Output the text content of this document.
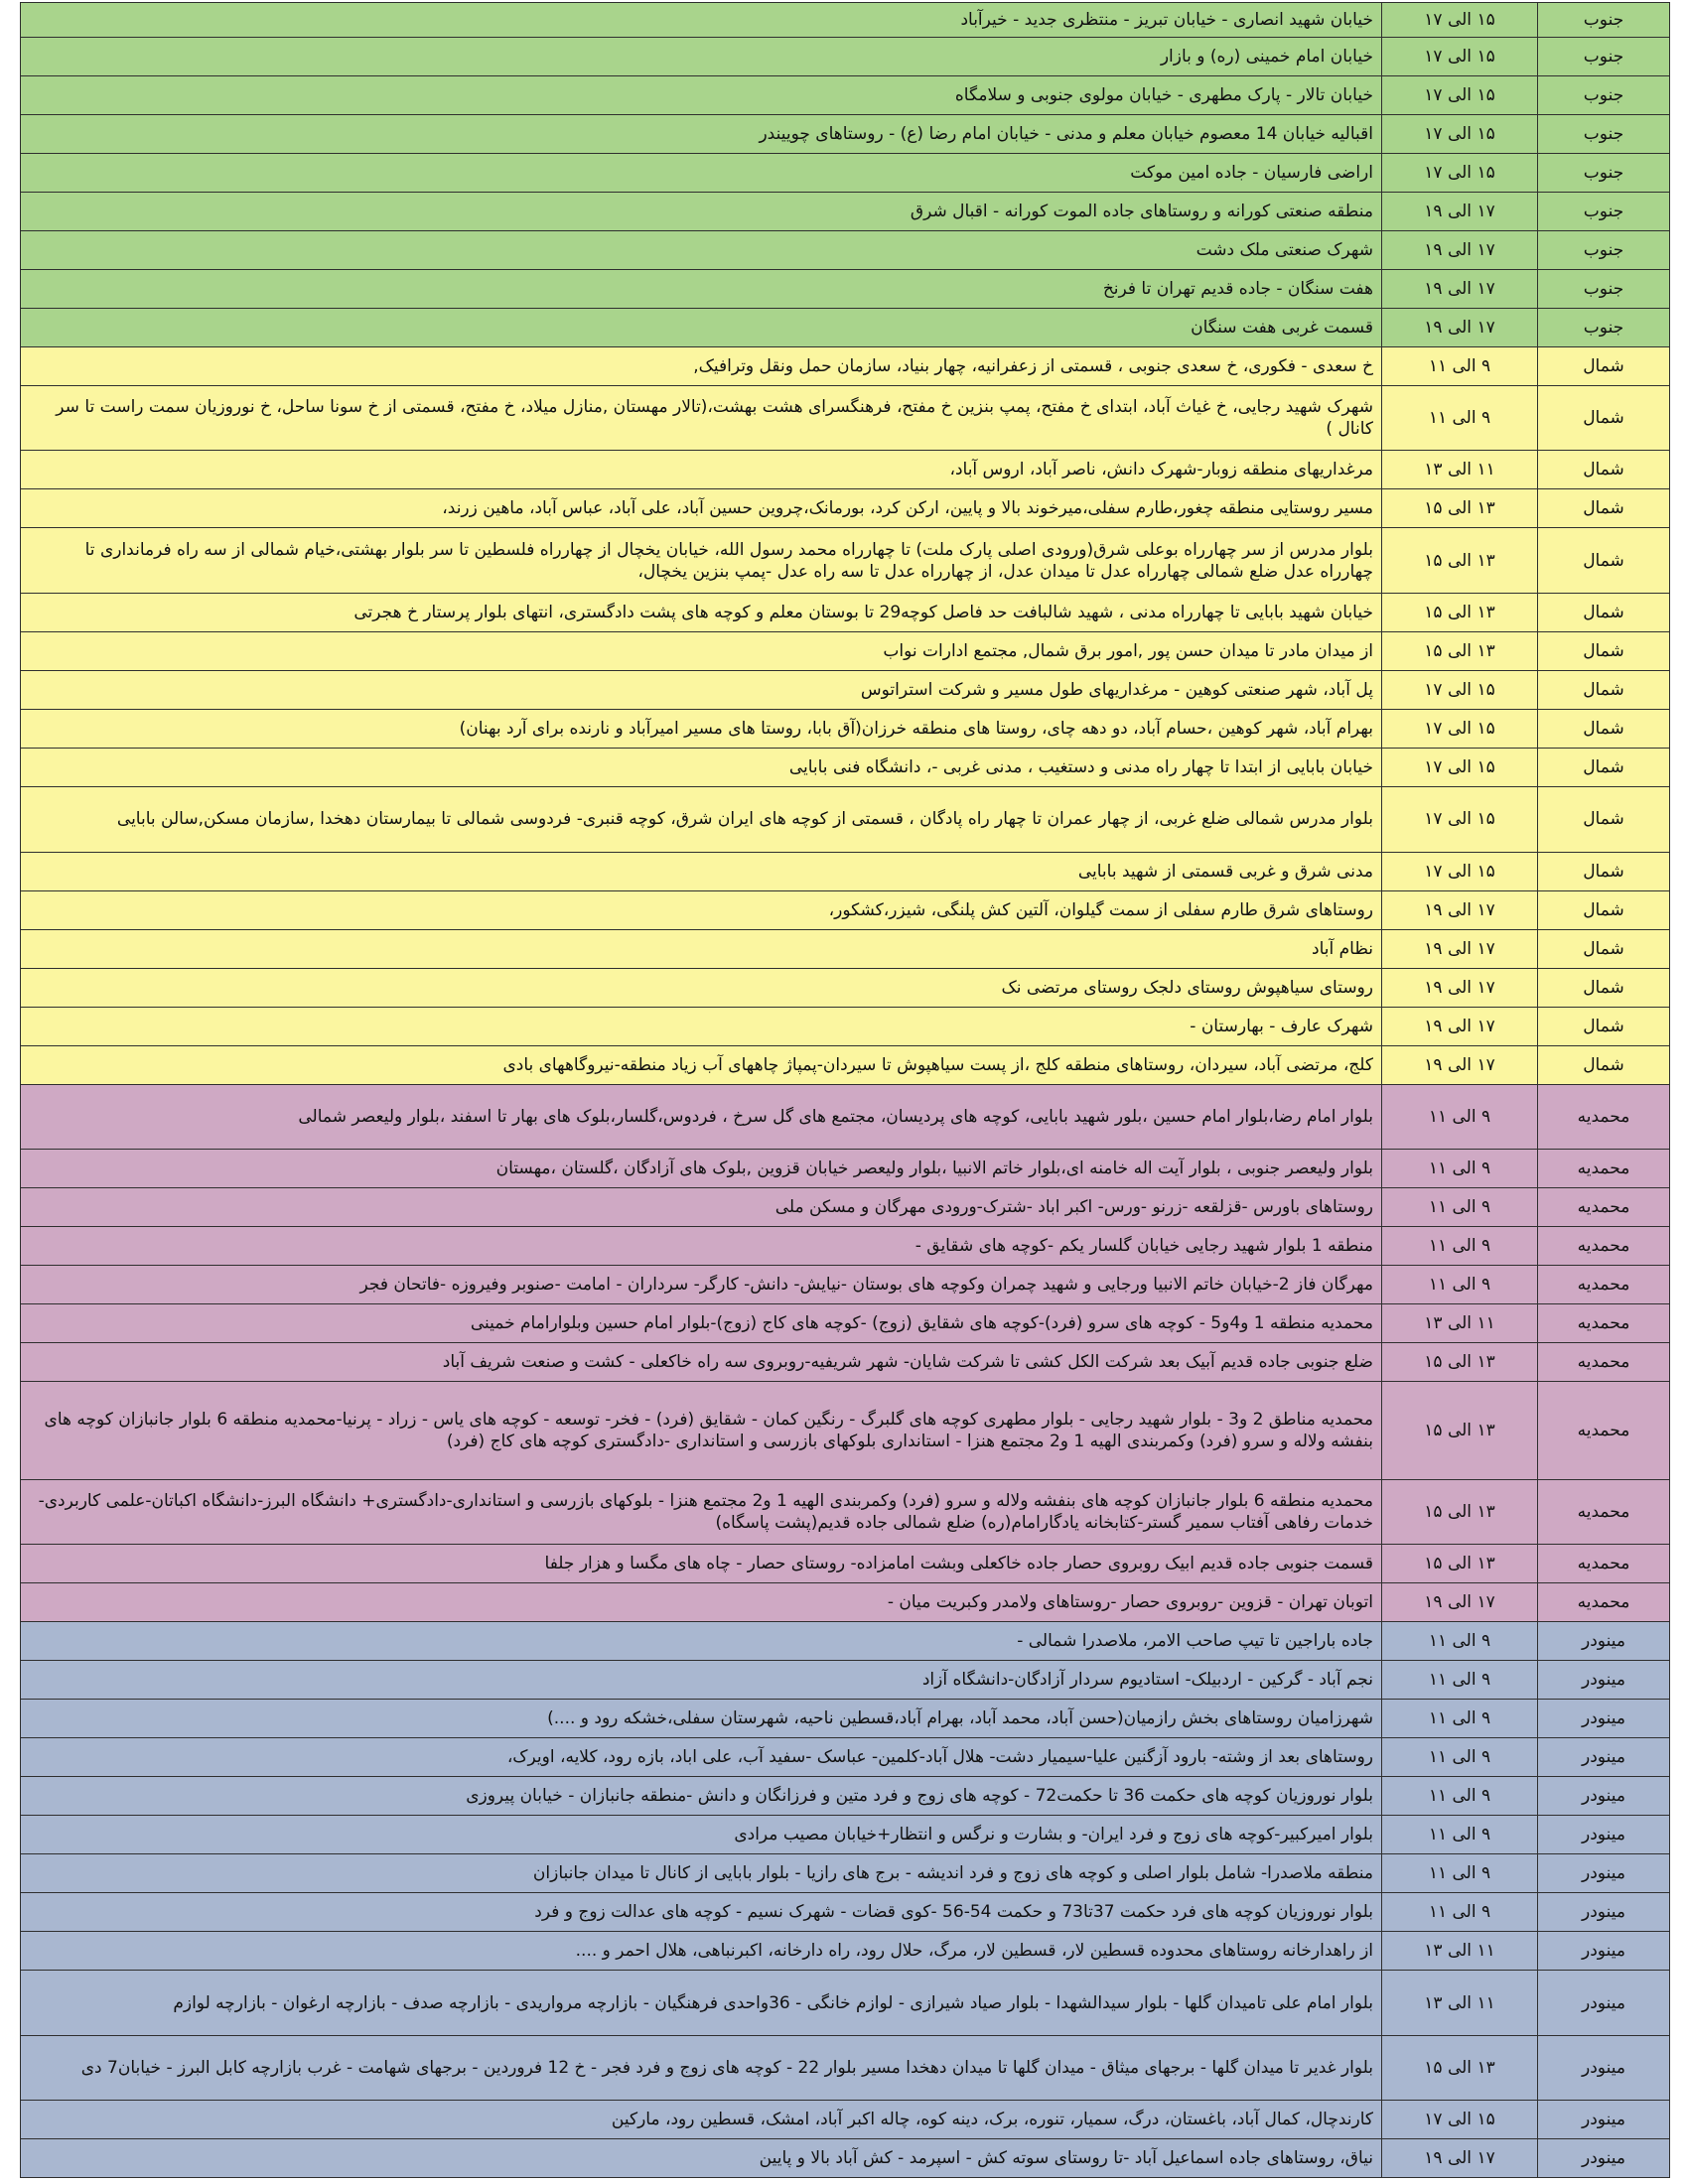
جنوب	۱۵ الی ۱۷	خیابان شهید انصاری - خیابان تبریز - منتظری جدید - خیرآباد
جنوب	۱۵ الی ۱۷	خیابان امام خمینی (ره) و بازار
جنوب	۱۵ الی ۱۷	خیابان تالار - پارک مطهری - خیابان مولوی جنوبی و سلامگاه
جنوب	۱۵ الی ۱۷	اقبالیه خیابان 14 معصوم خیابان معلم و مدنی - خیابان امام رضا (ع) - روستاهای چوییندر
جنوب	۱۵ الی ۱۷	اراضی فارسیان - جاده امین موکت
جنوب	۱۷ الی ۱۹	منطقه صنعتی کورانه و روستاهای جاده الموت کورانه - اقبال شرق
جنوب	۱۷ الی ۱۹	شهرک صنعتی ملک دشت
جنوب	۱۷ الی ۱۹	هفت سنگان - جاده قدیم تهران تا فرنخ
جنوب	۱۷ الی ۱۹	قسمت غربی هفت سنگان
شمال	۹ الی ۱۱	خ سعدی - فکوری، خ سعدی جنوبی ، قسمتی از زعفرانیه، چهار بنیاد، سازمان حمل ونقل وترافیک,
شمال	۹ الی ۱۱	شهرک شهید رجایی، خ غیاث آباد، ابتدای خ مفتح، پمپ بنزین خ مفتح، فرهنگسرای هشت بهشت،(تالار مهستان ,منازل میلاد، خ مفتح، قسمتی از خ سونا ساحل، خ نوروزیان سمت راست تا سر کانال )
شمال	۱۱ الی ۱۳	مرغداریهای منطقه زوبار-شهرک دانش، ناصر آباد، اروس آباد،
شمال	۱۳ الی ۱۵	مسیر روستایی منطقه چغور،طارم سفلی،میرخوند بالا و پایین، ارکن کرد، بورمانک،چروین حسین آباد، علی آباد، عباس آباد، ماهین زرند،
شمال	۱۳ الی ۱۵	بلوار مدرس از سر چهارراه بوعلی شرق(ورودی اصلی پارک ملت) تا چهارراه محمد رسول الله، خیابان یخچال از چهارراه فلسطین تا سر بلوار بهشتی،خیام شمالی از سه راه فرمانداری تا چهارراه عدل ضلع شمالی چهارراه عدل تا میدان عدل، از چهارراه عدل تا سه راه عدل -پمپ بنزین یخچال،
شمال	۱۳ الی ۱۵	خیابان شهید بابایی تا چهارراه مدنی ، شهید شالبافت حد فاصل کوچه29 تا بوستان معلم و کوچه های پشت دادگستری، انتهای بلوار پرستار خ هجرتی
شمال	۱۳ الی ۱۵	از میدان مادر تا میدان حسن پور ,امور برق شمال, مجتمع ادارات نواب
شمال	۱۵ الی ۱۷	پل آباد، شهر صنعتی کوهین - مرغداریهای طول مسیر و شرکت استراتوس
شمال	۱۵ الی ۱۷	بهرام آباد، شهر کوهین ،حسام آباد، دو دهه چای، روستا های منطقه خرزان(آق بابا، روستا های مسیر امیرآباد و نارنده برای آرد بهنان)
شمال	۱۵ الی ۱۷	خیابان بابایی از ابتدا تا چهار راه مدنی و دستغیب ، مدنی غربی -، دانشگاه فنی بابایی
شمال	۱۵ الی ۱۷	بلوار مدرس شمالی ضلع غربی، از چهار عمران تا چهار راه پادگان ، قسمتی از کوچه های ایران شرق، کوچه قنبری- فردوسی شمالی تا بیمارستان دهخدا ,سازمان مسکن,سالن بابایی
شمال	۱۵ الی ۱۷	مدنی شرق و غربی قسمتی از شهید بابایی
شمال	۱۷ الی ۱۹	روستاهای شرق طارم سفلی از سمت گیلوان، آلتین کش پلنگی، شیزر،کشکور،
شمال	۱۷ الی ۱۹	نظام آباد
شمال	۱۷ الی ۱۹	روستای سیاهپوش روستای دلجک روستای مرتضی نک
شمال	۱۷ الی ۱۹	شهرک عارف - بهارستان -
شمال	۱۷ الی ۱۹	کلج، مرتضی آباد، سیردان، روستاهای منطقه کلج ،از پست سیاهپوش تا سیردان-پمپاژ چاههای آب زیاد منطقه-نیروگاههای بادی
محمدیه	۹ الی ۱۱	بلوار امام رضا،بلوار امام حسین ،بلور شهید بابایی، کوچه های پردیسان، مجتمع های گل سرخ ، فردوس،گلسار،بلوک های بهار تا اسفند ،بلوار ولیعصر شمالی
محمدیه	۹ الی ۱۱	بلوار ولیعصر جنوبی ، بلوار آیت اله خامنه ای،بلوار خاتم الانبیا ،بلوار ولیعصر خیابان قزوین ,بلوک های آزادگان ،گلستان ،مهستان
محمدیه	۹ الی ۱۱	روستاهای باورس -قزلقعه -زرنو -ورس- اکبر اباد -شترک-ورودی مهرگان و مسکن ملی
محمدیه	۹ الی ۱۱	منطقه 1 بلوار شهید رجایی خیابان گلسار یکم -کوچه های شقایق -
محمدیه	۹ الی ۱۱	مهرگان فاز 2-خیابان خاتم الانبیا ورجایی و شهید چمران وکوچه های بوستان -نیایش- دانش- کارگر- سرداران - امامت -صنوبر وفیروزه -فاتحان فجر
محمدیه	۱۱ الی ۱۳	محمدیه منطقه 1 و4و5 - کوچه های سرو (فرد)-کوچه های شقایق (زوج) -کوچه های کاج (زوج)-بلوار امام حسین وبلوارامام خمینی
محمدیه	۱۳ الی ۱۵	ضلع جنوبی جاده قدیم آبیک بعد شرکت الکل کشی تا شرکت شایان- شهر شریفیه-روبروی سه راه خاکعلی - کشت و صنعت شریف آباد
محمدیه	۱۳ الی ۱۵	محمدیه مناطق 2 و3 - بلوار شهید رجایی - بلوار مطهری کوچه های گلبرگ - رنگین کمان - شقایق (فرد) - فخر- توسعه - کوچه های یاس - زراد - پرنیا-محمدیه منطقه 6 بلوار جانبازان کوچه های بنفشه ولاله و سرو (فرد) وکمربندی الهیه 1 و2 مجتمع هنزا - استانداری بلوکهای بازرسی و استانداری -دادگستری کوچه های کاج (فرد)
محمدیه	۱۳ الی ۱۵	محمدیه منطقه 6 بلوار جانبازان کوچه های بنفشه ولاله و سرو (فرد) وکمربندی الهیه 1 و2 مجتمع هنزا - بلوکهای بازرسی و استانداری-دادگستری+ دانشگاه البرز-دانشگاه اکباتان-علمی کاربردی-خدمات رفاهی آفتاب سمیر گستر-کتابخانه یادگارامام(ره) ضلع شمالی جاده قدیم(پشت پاسگاه)
محمدیه	۱۳ الی ۱۵	قسمت جنوبی جاده قدیم ابیک روبروی حصار جاده خاکعلی وبشت امامزاده- روستای حصار - چاه های مگسا و هزار جلفا
محمدیه	۱۷ الی ۱۹	اتوبان تهران - قزوین -روبروی حصار -روستاهای ولامدر وکبریت میان -
مینودر	۹ الی ۱۱	جاده باراجین تا تیپ صاحب الامر، ملاصدرا شمالی -
مینودر	۹ الی ۱۱	نجم آباد - گرکین - اردبیلک- استادیوم سردار آزادگان-دانشگاه آزاد
مینودر	۹ الی ۱۱	شهرزامیان روستاهای بخش رازمیان(حسن آباد، محمد آباد، بهرام آباد،قسطین ناحیه، شهرستان سفلی،خشکه رود و ....)
مینودر	۹ الی ۱۱	روستاهای بعد از وشته- بارود آزگنین علیا-سیمیار دشت- هلال آباد-کلمین- عباسک -سفید آب، علی اباد، بازه رود، کلایه، اویرک،
مینودر	۹ الی ۱۱	بلوار نوروزیان کوچه های حکمت 36 تا حکمت72 - کوچه های زوج و فرد متین و فرزانگان و دانش -منطقه جانبازان - خیابان پیروزی
مینودر	۹ الی ۱۱	بلوار امیرکبیر-کوچه های زوج و فرد ایران- و بشارت و نرگس و انتظار+خیابان مصیب مرادی
مینودر	۹ الی ۱۱	منطقه ملاصدرا- شامل بلوار اصلی و کوچه های زوج و فرد اندیشه - برج های رازیا - بلوار بابایی از کانال تا میدان جانبازان
مینودر	۹ الی ۱۱	بلوار نوروزیان کوچه های فرد حکمت 37تا73 و حکمت 54-56 -کوی قضات - شهرک نسیم - کوچه های عدالت زوج و فرد
مینودر	۱۱ الی ۱۳	از راهدارخانه روستاهای محدوده قسطین لار، قسطین لار، مرگ، حلال رود، راه دارخانه، اکبرنباهی، هلال احمر و ....
مینودر	۱۱ الی ۱۳	بلوار امام علی تامیدان گلها - بلوار سیدالشهدا - بلوار صیاد شیرازی - لوازم خانگی - 36واحدی فرهنگیان - بازارچه مرواریدی - بازارچه صدف - بازارچه ارغوان - بازارچه لوازم
مینودر	۱۳ الی ۱۵	بلوار غدیر تا میدان گلها - برجهای میثاق - میدان گلها تا میدان دهخدا مسیر بلوار 22 - کوچه های زوج و فرد فجر - خ 12 فروردین - برجهای شهامت - غرب بازارچه کابل البرز - خیابان7 دی
مینودر	۱۵ الی ۱۷	کارندچال، کمال آباد، باغستان، درگ، سمیار، تنوره، برک، دینه کوه، چاله اکبر آباد، امشک، قسطین رود، مارکین
مینودر	۱۷ الی ۱۹	نیاق، روستاهای جاده اسماعیل آباد -تا روستای سوته کش - اسپرمد - کش آباد بالا و پایین
